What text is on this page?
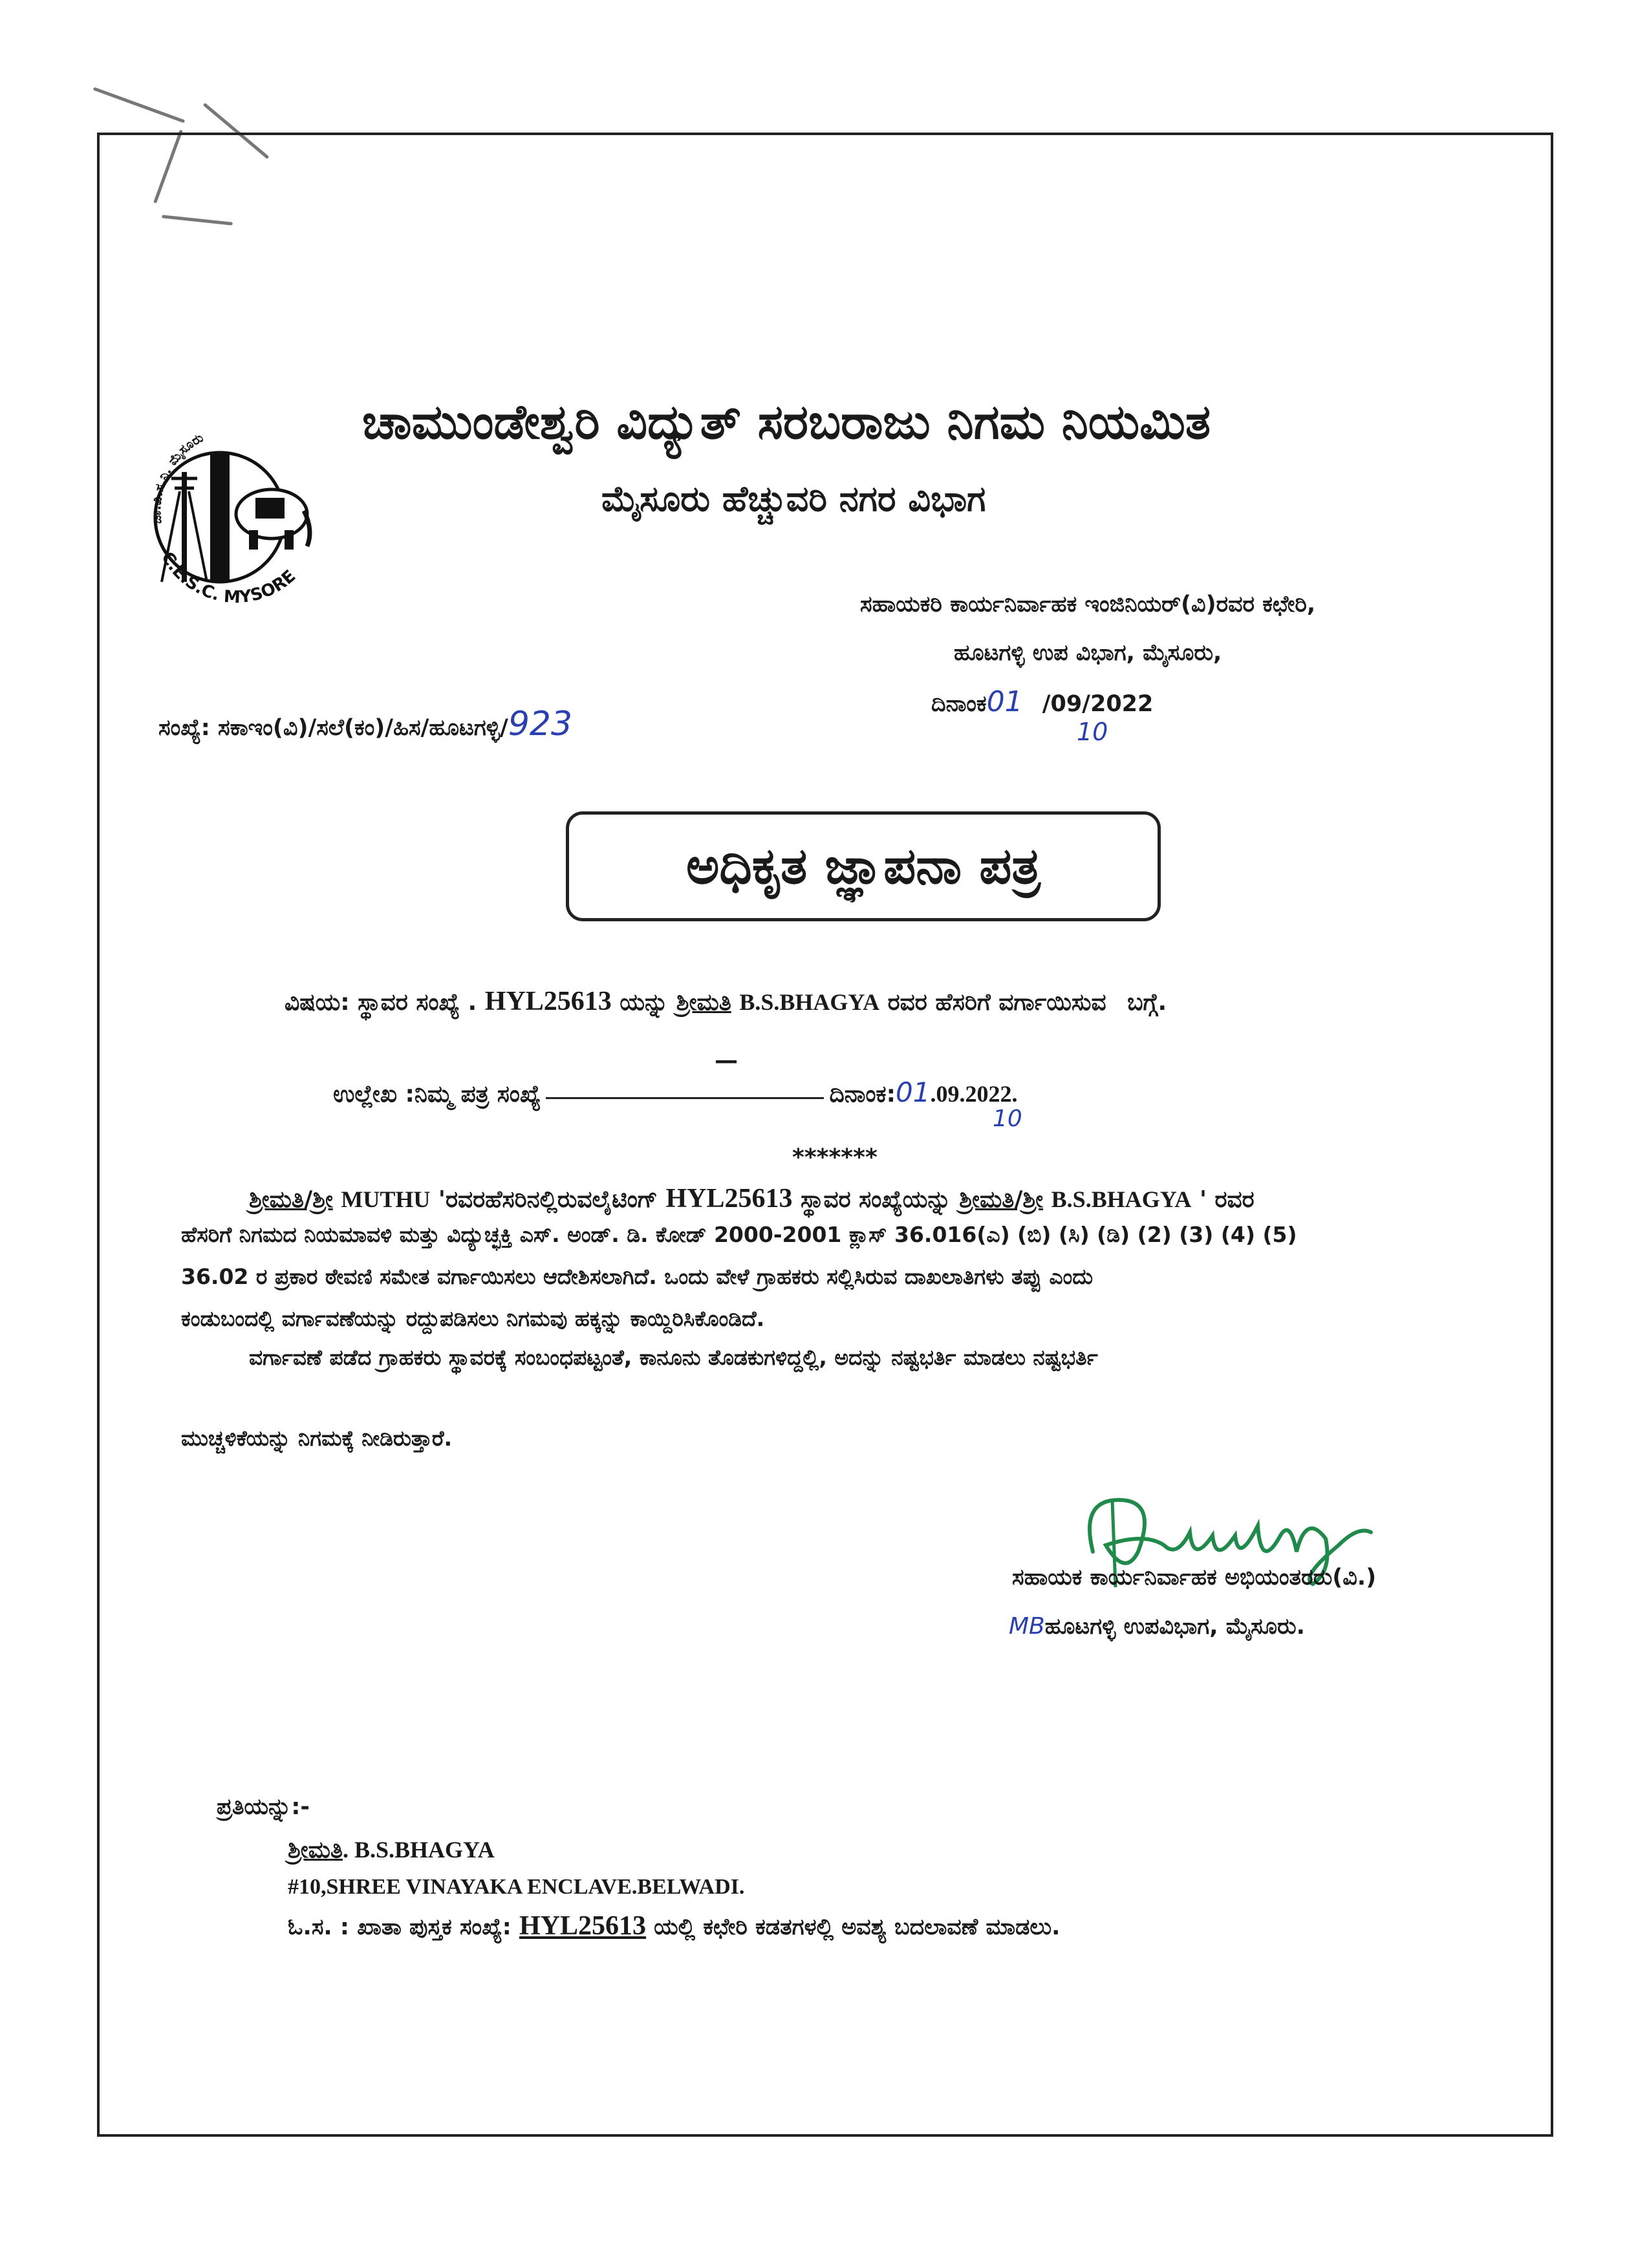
ಚಾ.ವಿ.ಸ.ನಿ. ಮೈಸೂರು
C.E.S.C. MYSORE
ಚಾಮುಂಡೇಶ್ವರಿ ವಿದ್ಯುತ್ ಸರಬರಾಜು ನಿಗಮ ನಿಯಮಿತ
ಮೈಸೂರು ಹೆಚ್ಚುವರಿ ನಗರ ವಿಭಾಗ
ಸಹಾಯಕರಿ ಕಾರ್ಯನಿರ್ವಾಹಕ ಇಂಜಿನಿಯರ್(ವಿ)ರವರ ಕಛೇರಿ,
ಹೂಟಗಳ್ಳಿ ಉಪ ವಿಭಾಗ, ಮೈಸೂರು,
ದಿನಾಂಕ01 /09/2022
10
ಸಂಖ್ಯೆ: ಸಕಾಇಂ(ವಿ)/ಸಲೆ(ಕಂ)/ಹಿಸ/ಹೂಟಗಳ್ಳಿ/923
ಅಧಿಕೃತ ಜ್ಞಾಪನಾ ಪತ್ರ
ವಿಷಯ: ಸ್ಥಾವರ ಸಂಖ್ಯೆ . HYL25613 ಯನ್ನು ಶ್ರೀಮತಿ B.S.BHAGYA ರವರ ಹೆಸರಿಗೆ ವರ್ಗಾಯಿಸುವ ಬಗ್ಗೆ.
ಉಲ್ಲೇಖ :ನಿಮ್ಮ ಪತ್ರ ಸಂಖ್ಯೆ	ದಿನಾಂಕ:01.09.2022.
—
10
*******
ಶ್ರೀಮತಿ/ಶ್ರೀ MUTHU 'ರವರಹೆಸರಿನಲ್ಲಿರುವಲೈಟಿಂಗ್‌ HYL25613 ಸ್ಥಾವರ ಸಂಖ್ಯೆಯನ್ನು ಶ್ರೀಮತಿ/ಶ್ರೀ B.S.BHAGYA ' ರವರ
ಹೆಸರಿಗೆ ನಿಗಮದ ನಿಯಮಾವಳಿ ಮತ್ತು ವಿದ್ಯುಚ್ಛಕ್ತಿ ಎಸ್. ಅಂಡ್. ಡಿ. ಕೋಡ್ 2000-2001 ಕ್ಲಾಸ್ 36.016(ಎ) (ಬಿ) (ಸಿ) (ಡಿ) (2) (3) (4) (5)
36.02 ರ ಪ್ರಕಾರ ಠೇವಣಿ ಸಮೇತ ವರ್ಗಾಯಿಸಲು ಆದೇಶಿಸಲಾಗಿದೆ. ಒಂದು ವೇಳೆ ಗ್ರಾಹಕರು ಸಲ್ಲಿಸಿರುವ ದಾಖಲಾತಿಗಳು ತಪ್ಪು ಎಂದು
ಕಂಡುಬಂದಲ್ಲಿ ವರ್ಗಾವಣೆಯನ್ನು ರದ್ದುಪಡಿಸಲು ನಿಗಮವು ಹಕ್ಕನ್ನು ಕಾಯ್ದಿರಿಸಿಕೊಂಡಿದೆ.
ವರ್ಗಾವಣೆ ಪಡೆದ ಗ್ರಾಹಕರು ಸ್ಥಾವರಕ್ಕೆ ಸಂಬಂಧಪಟ್ಟಂತೆ, ಕಾನೂನು ತೊಡಕುಗಳಿದ್ದಲ್ಲಿ, ಅದನ್ನು ನಷ್ಟಭರ್ತಿ ಮಾಡಲು ನಷ್ಟಭರ್ತಿ
ಮುಚ್ಚಳಿಕೆಯನ್ನು ನಿಗಮಕ್ಕೆ ನೀಡಿರುತ್ತಾರೆ.
ಸಹಾಯಕ ಕಾರ್ಯನಿರ್ವಾಹಕ ಅಭಿಯಂತರರು(ವಿ.)
MBಹೂಟಗಳ್ಳಿ ಉಪವಿಭಾಗ, ಮೈಸೂರು.
ಪ್ರತಿಯನ್ನು:-
ಶ್ರೀಮತಿ. B.S.BHAGYA
#10,SHREE VINAYAKA ENCLAVE.BELWADI.
ಓ.ಸ. : ಖಾತಾ ಪುಸ್ತಕ ಸಂಖ್ಯೆ: HYL25613 ಯಲ್ಲಿ ಕಛೇರಿ ಕಡತಗಳಲ್ಲಿ ಅವಶ್ಯ ಬದಲಾವಣೆ ಮಾಡಲು.
